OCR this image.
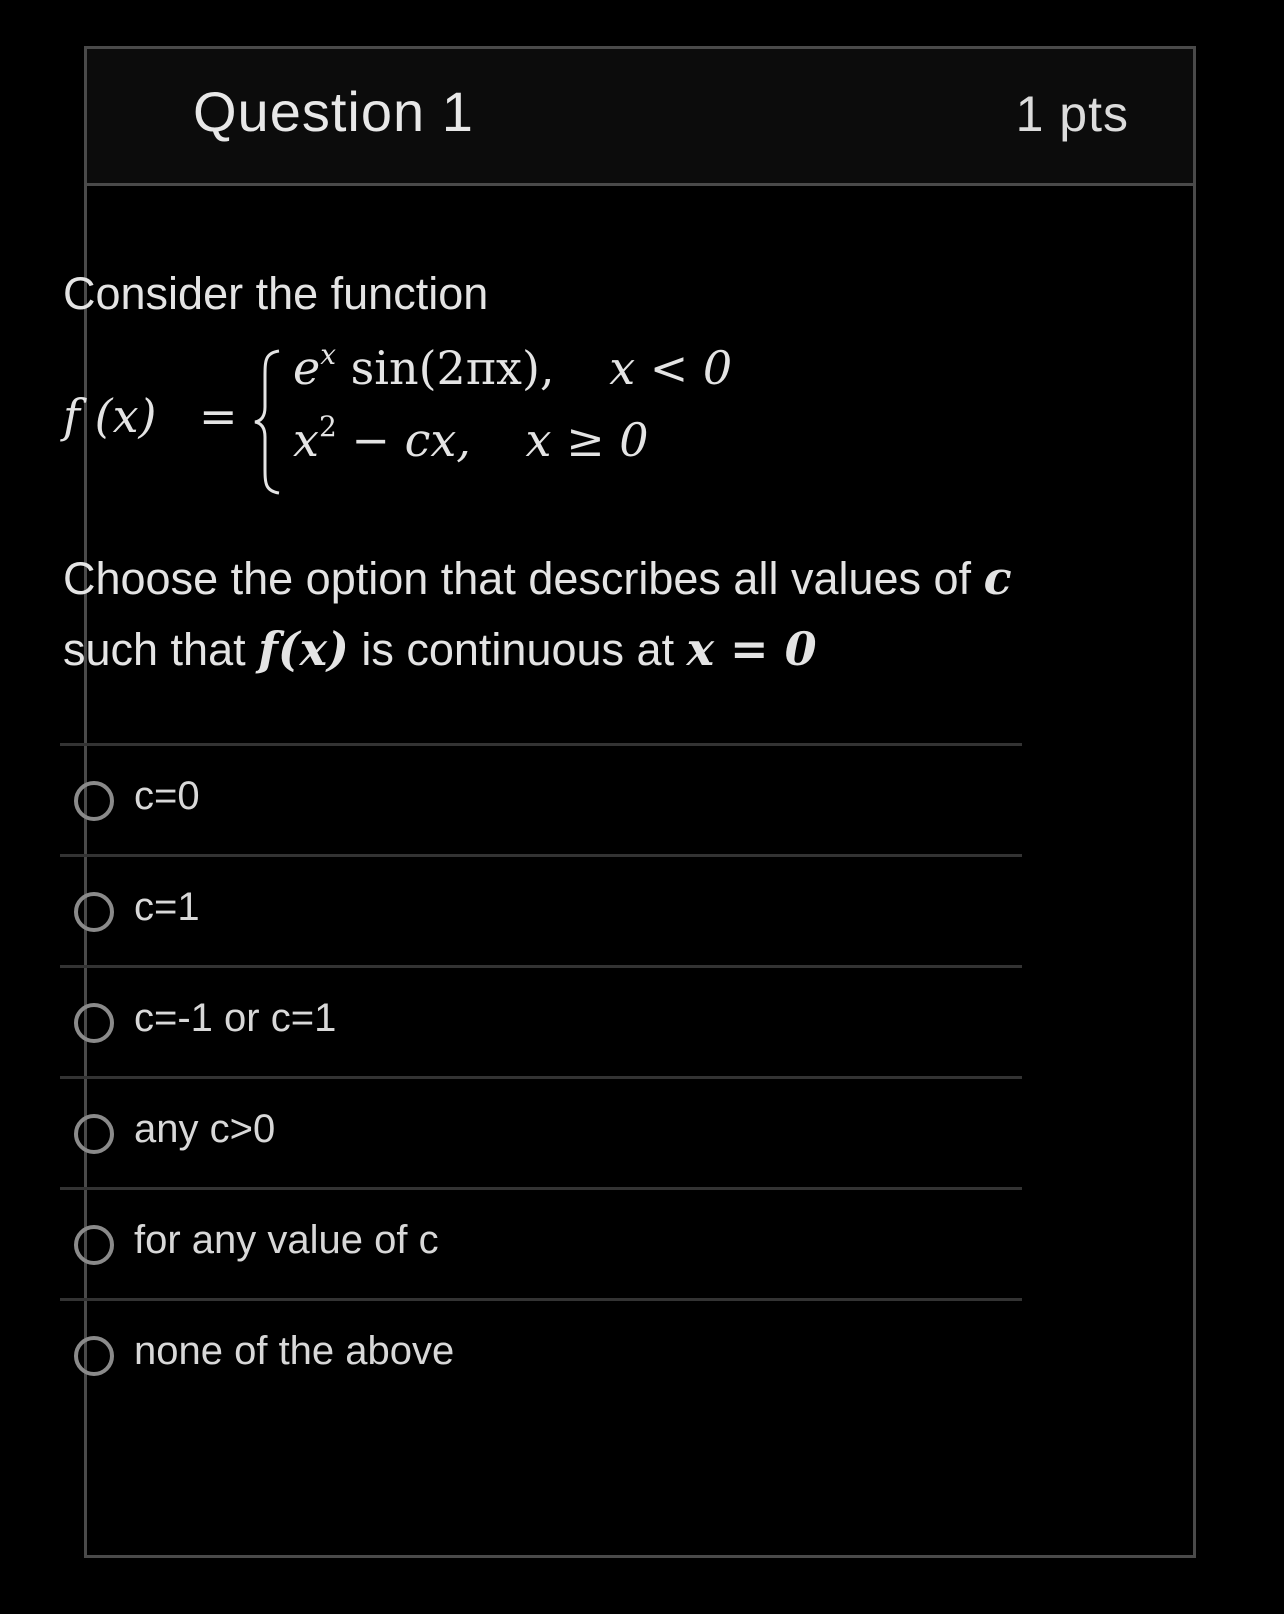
Question 1	1 pts
Consider the function
f (x) =
$e^x$ sin(2πx), x < 0
$x^2$ − cx, x ≥ 0
Choose the option that describes all values of c such that f(x) is continuous at x = 0
c=0
c=1
c=-1 or c=1
any c>0
for any value of c
none of the above
